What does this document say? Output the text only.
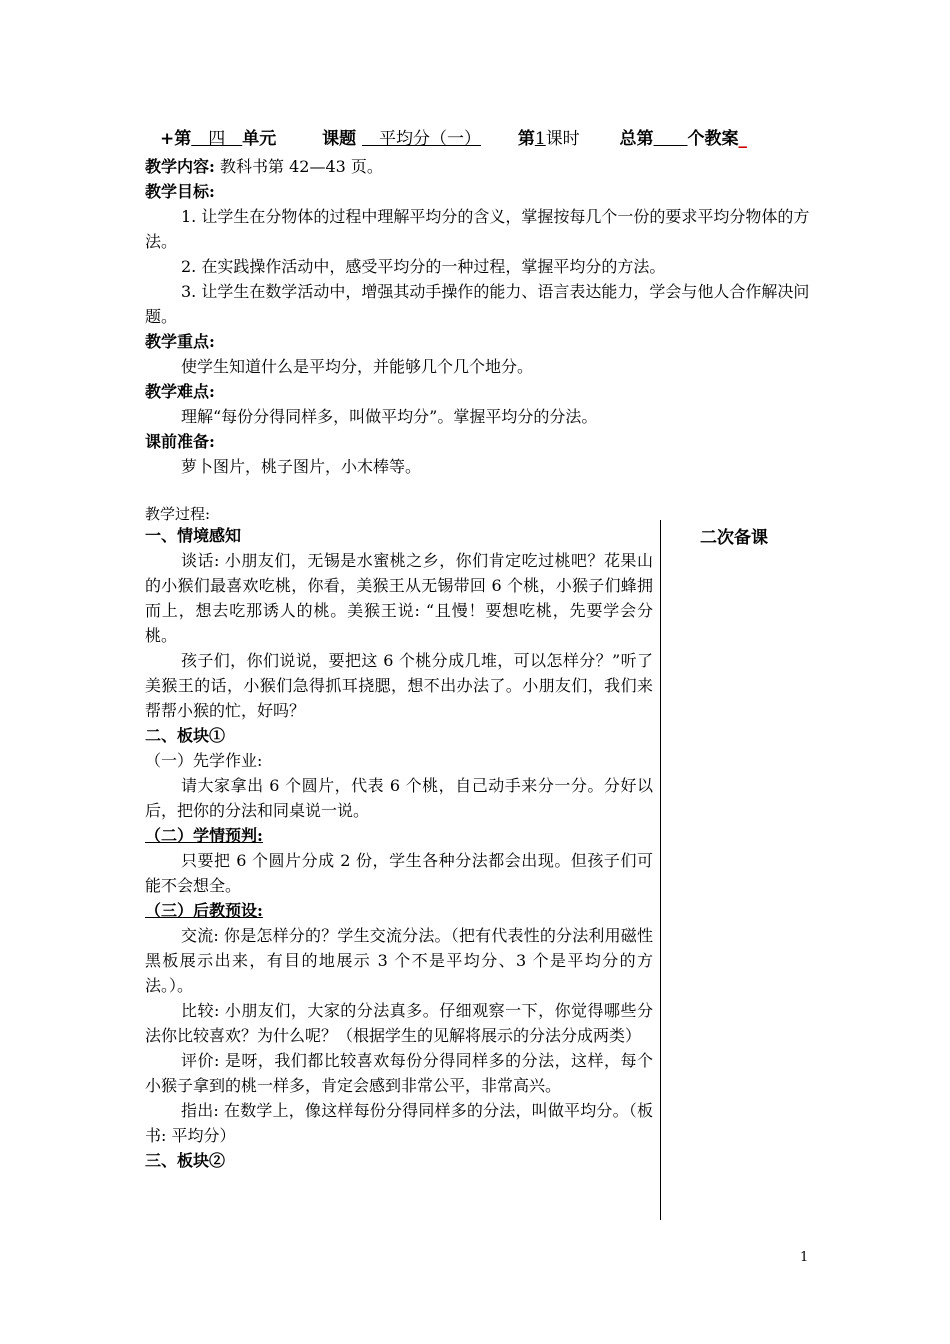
+第　四　单元	课题 　平均分（一） 第1课时 总第　　 个教案_

教学内容: 教科书第 42—43 页。

教学目标:

1. 让学生在分物体的过程中理解平均分的含义，掌握按每几个一份的要求平均分物体的方法。

2. 在实践操作活动中，感受平均分的一种过程，掌握平均分的方法。

3. 让学生在数学活动中，增强其动手操作的能力、语言表达能力，学会与他人合作解决问题。

教学重点:

使学生知道什么是平均分，并能够几个几个地分。

教学难点:

理解“每份分得同样多，叫做平均分”。掌握平均分的分法。

课前准备:

萝卜图片，桃子图片，小木棒等。

教学过程:
二次备课

一、情境感知

谈话: 小朋友们，无锡是水蜜桃之乡，你们肯定吃过桃吧？花果山的小猴们最喜欢吃桃，你看，美猴王从无锡带回 6 个桃，小猴子们蜂拥而上，想去吃那诱人的桃。美猴王说: “且慢！要想吃桃，先要学会分桃。

孩子们，你们说说，要把这 6 个桃分成几堆，可以怎样分？”听了美猴王的话，小猴们急得抓耳挠腮，想不出办法了。小朋友们，我们来帮帮小猴的忙，好吗？

二、板块①

（一）先学作业:

请大家拿出 6 个圆片，代表 6 个桃，自己动手来分一分。分好以后，把你的分法和同桌说一说。

（二）学情预判:

只要把 6 个圆片分成 2 份，学生各种分法都会出现。但孩子们可能不会想全。

（三）后教预设:

交流: 你是怎样分的？学生交流分法。（把有代表性的分法利用磁性黑板展示出来，有目的地展示 3 个不是平均分、3 个是平均分的方法。）。

比较: 小朋友们，大家的分法真多。仔细观察一下，你觉得哪些分法你比较喜欢？为什么呢？（根据学生的见解将展示的分法分成两类）

评价: 是呀，我们都比较喜欢每份分得同样多的分法，这样，每个小猴子拿到的桃一样多，肯定会感到非常公平，非常高兴。

指出: 在数学上，像这样每份分得同样多的分法，叫做平均分。（板书: 平均分）

三、板块②

1
